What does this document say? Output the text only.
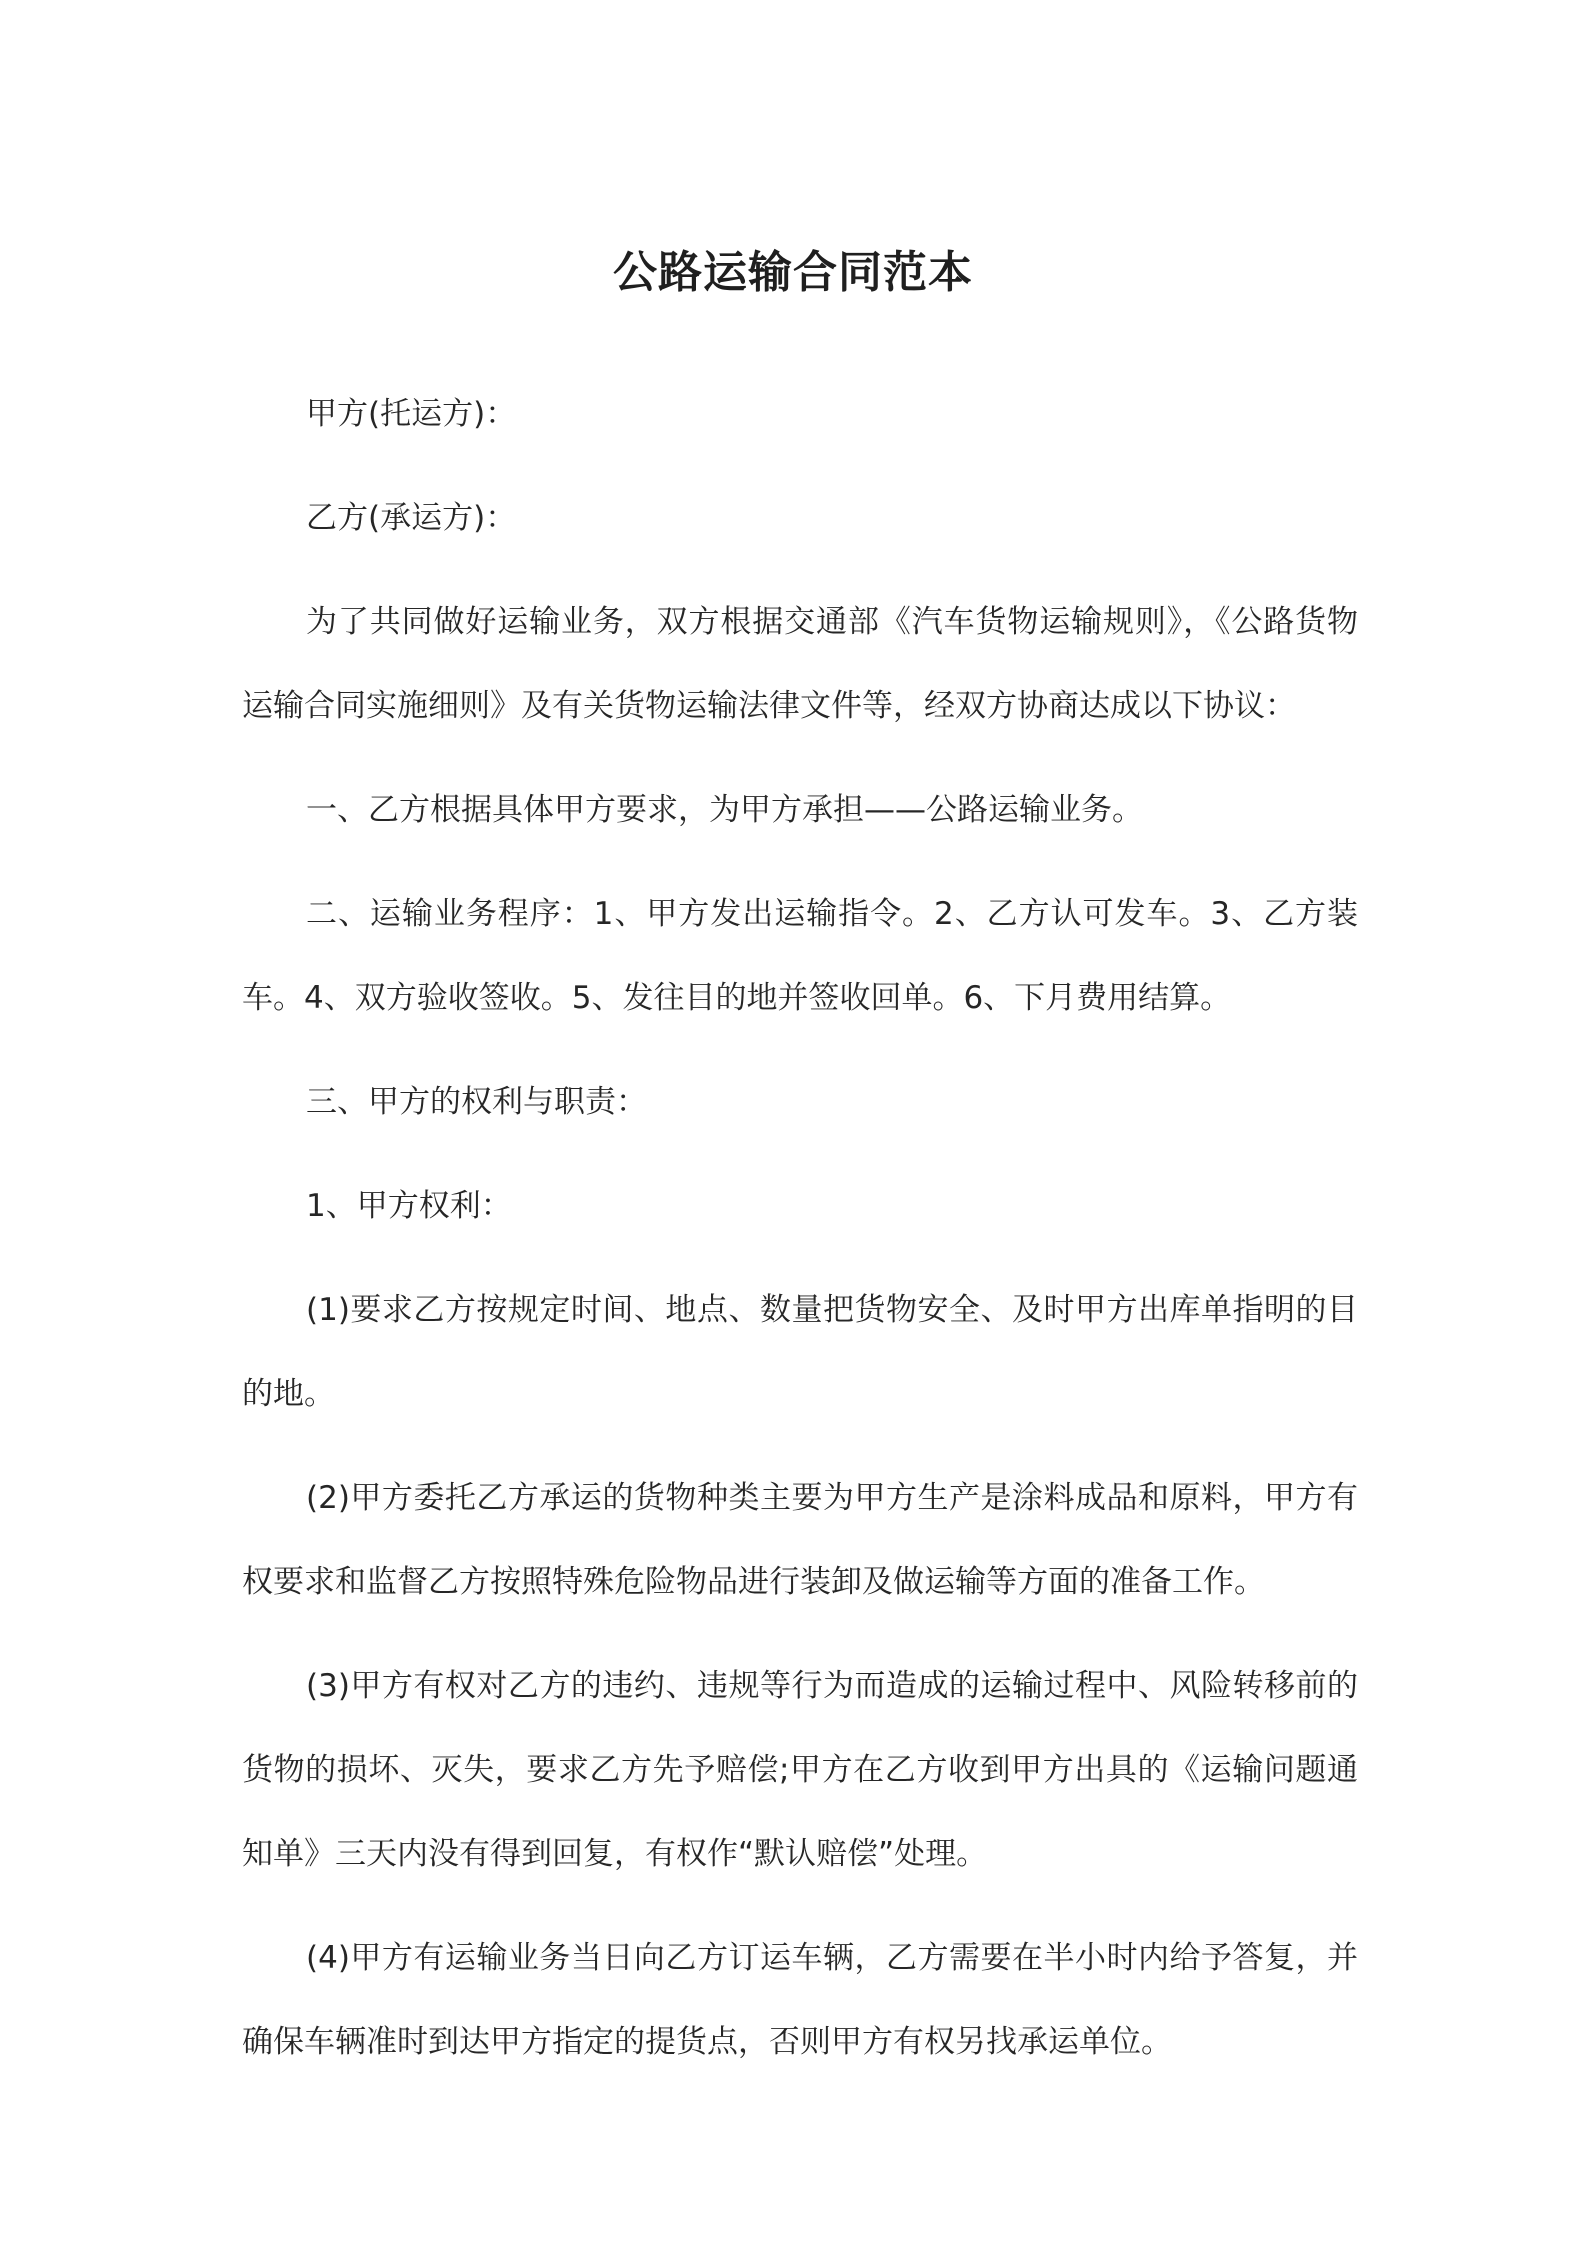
公路运输合同范本

甲方(托运方)：

乙方(承运方)：

为了共同做好运输业务，双方根据交通部《汽车货物运输规则》，《公路货物运输合同实施细则》及有关货物运输法律文件等，经双方协商达成以下协议：

一、乙方根据具体甲方要求，为甲方承担——公路运输业务。

二、运输业务程序：1、甲方发出运输指令。2、乙方认可发车。3、乙方装车。4、双方验收签收。5、发往目的地并签收回单。6、下月费用结算。

三、甲方的权利与职责：

1、甲方权利：

(1)要求乙方按规定时间、地点、数量把货物安全、及时甲方出库单指明的目的地。

(2)甲方委托乙方承运的货物种类主要为甲方生产是涂料成品和原料，甲方有权要求和监督乙方按照特殊危险物品进行装卸及做运输等方面的准备工作。

(3)甲方有权对乙方的违约、违规等行为而造成的运输过程中、风险转移前的货物的损坏、灭失，要求乙方先予赔偿;甲方在乙方收到甲方出具的《运输问题通知单》三天内没有得到回复，有权作“默认赔偿”处理。

(4)甲方有运输业务当日向乙方订运车辆，乙方需要在半小时内给予答复，并确保车辆准时到达甲方指定的提货点，否则甲方有权另找承运单位。
